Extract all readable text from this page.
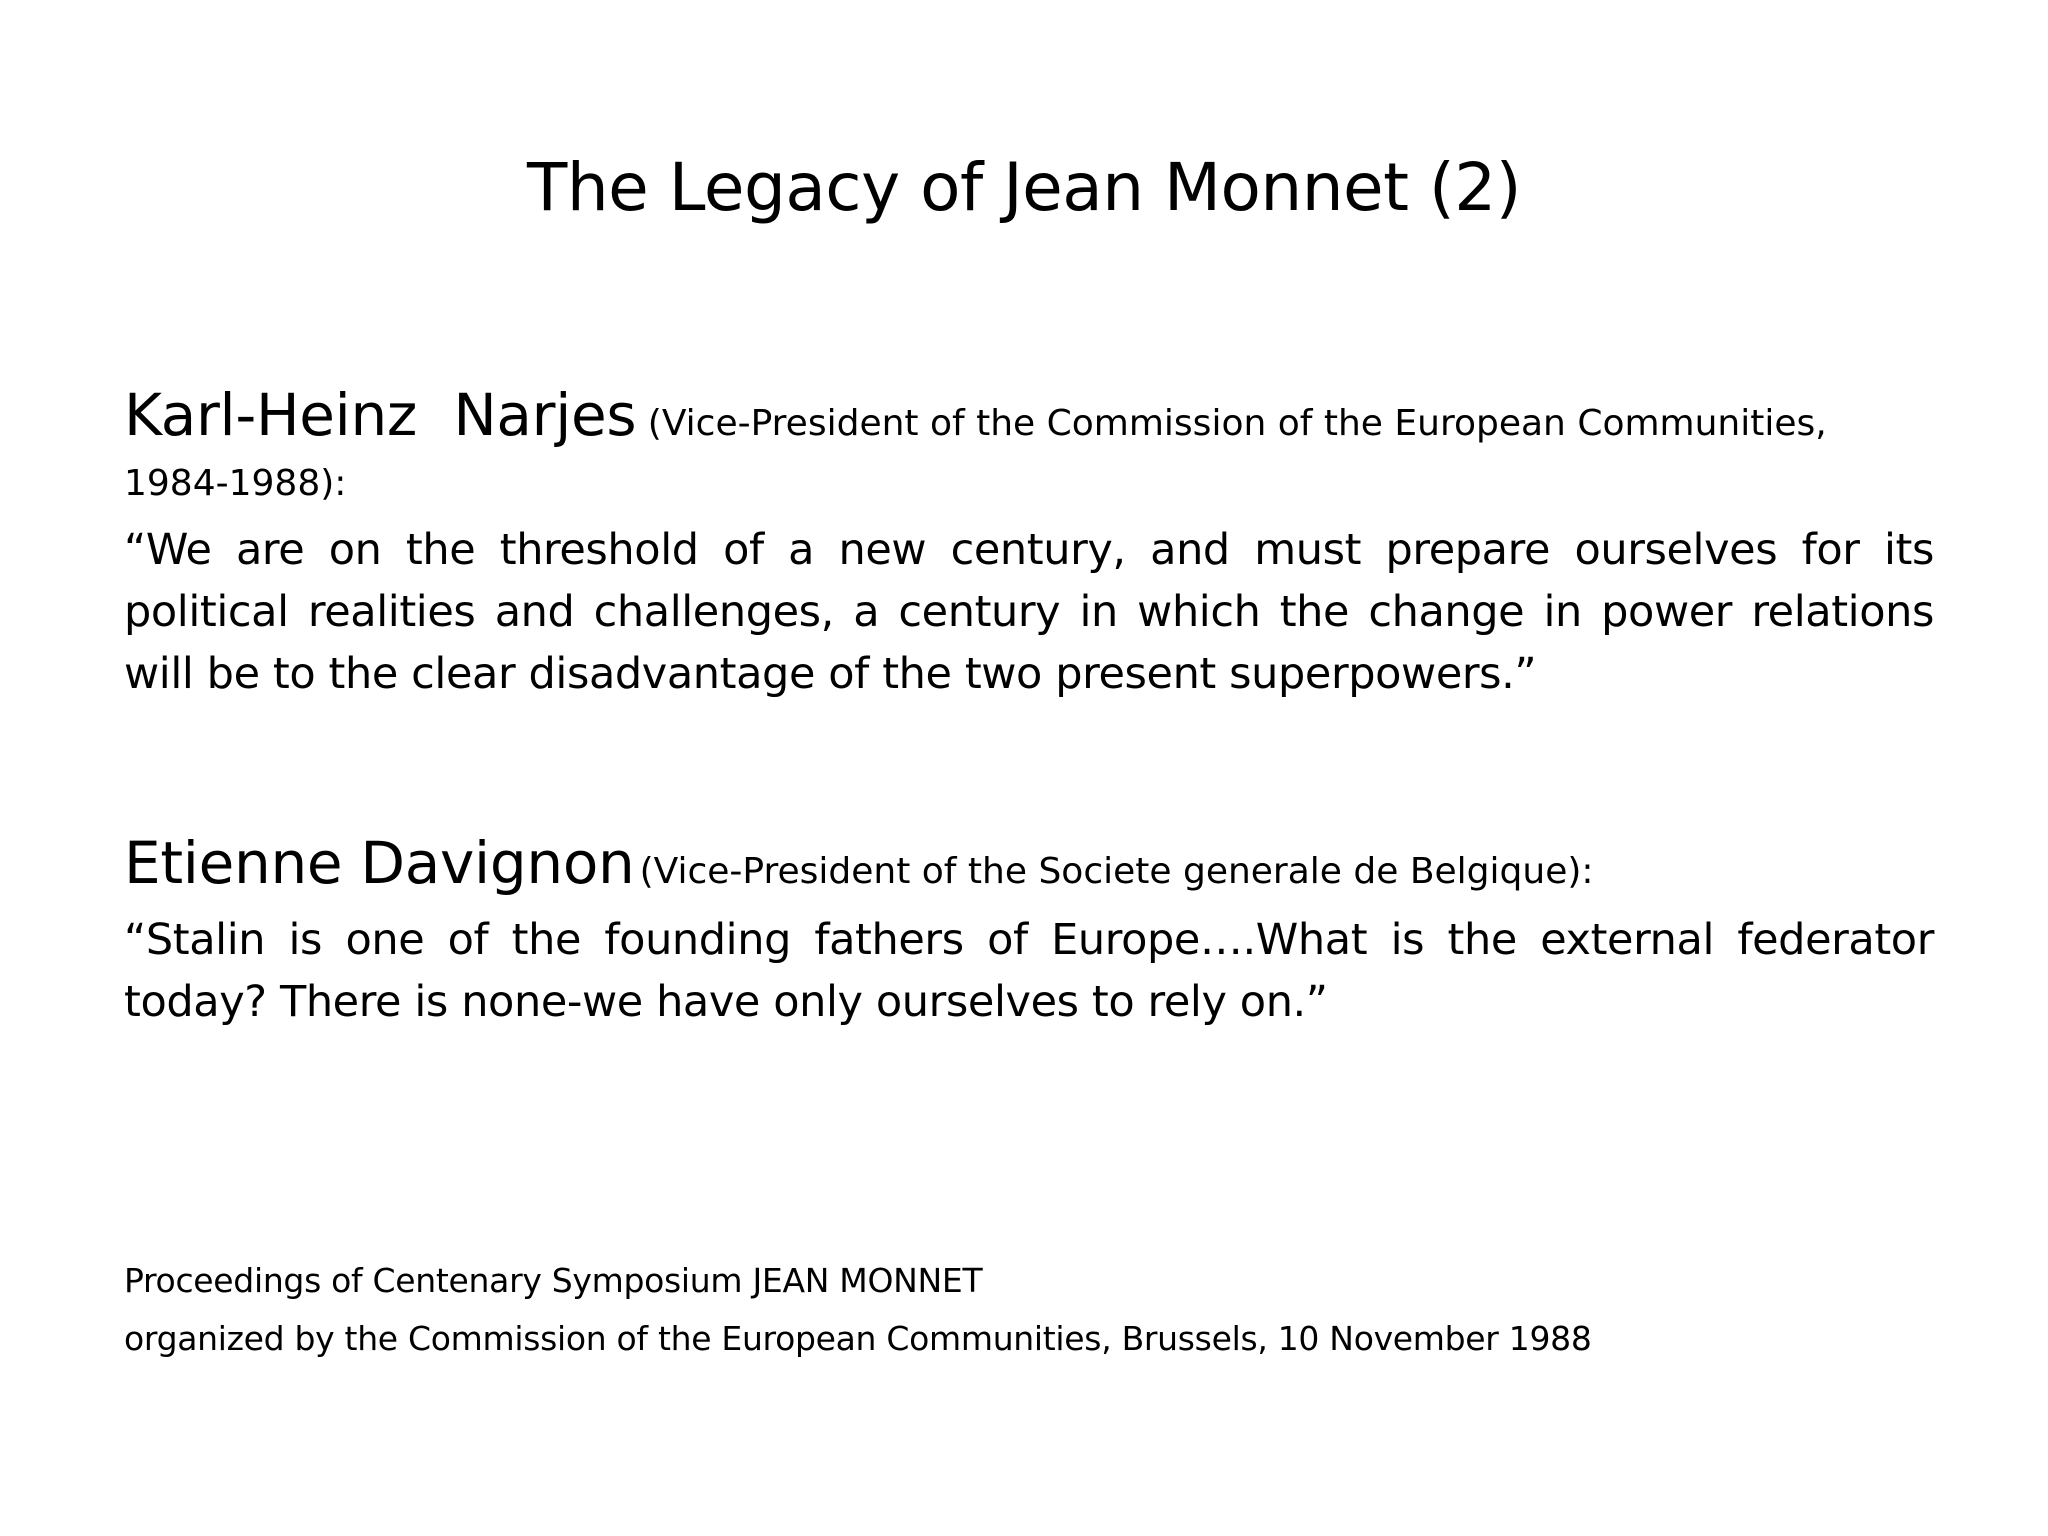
The Legacy of Jean Monnet (2)

Karl-Heinz  Narjes (Vice-President of the Commission of the European Communities,
1984-1988):

“We are on the threshold of a new century, and must prepare ourselves for its political realities and challenges, a century in which the change in power relations will be to the clear disadvantage of the two present superpowers.”

Etienne Davignon (Vice-President of the Societe generale de Belgique):

“Stalin is one of the founding fathers of Europe….What is the external federator today? There is none-we have only ourselves to rely on.”

Proceedings of Centenary Symposium JEAN MONNET

organized by the Commission of the European Communities, Brussels, 10 November 1988
